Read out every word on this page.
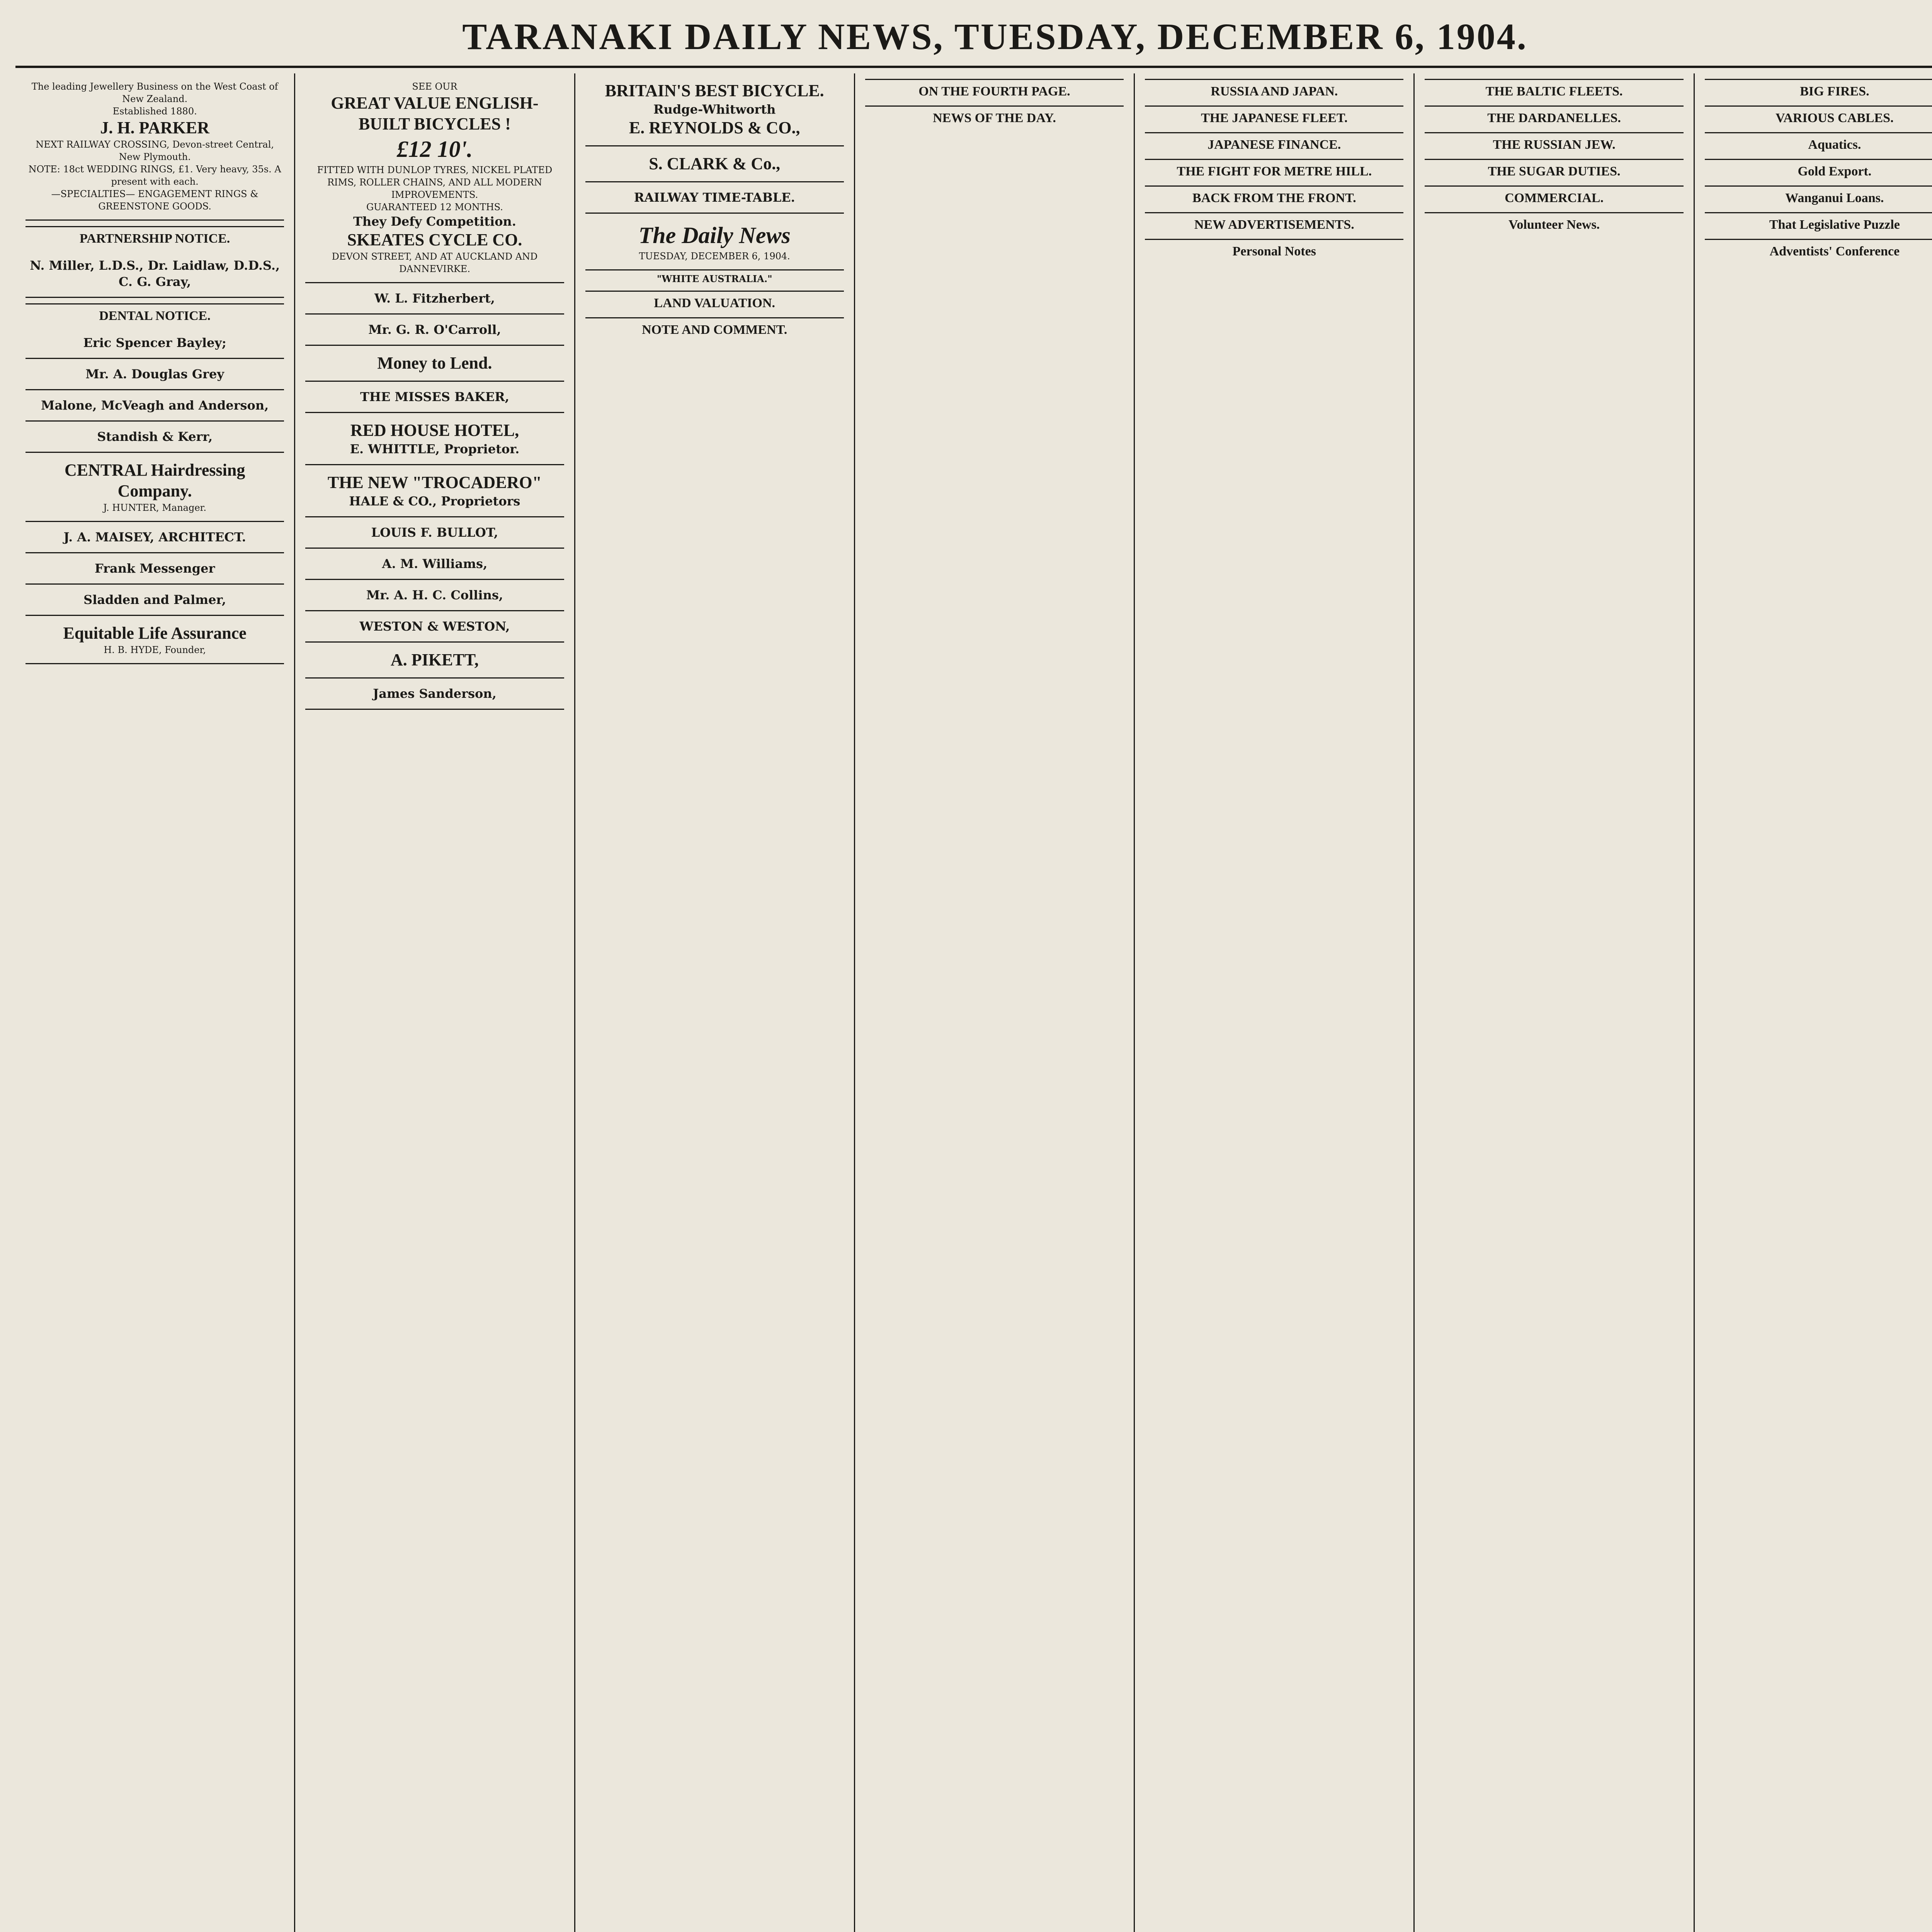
TARANAKI DAILY NEWS, TUESDAY, DECEMBER 6, 1904.
The leading Jewellery Business on the West Coast of New Zealand.
Established 1880.
J. H. PARKER
NEXT RAILWAY CROSSING, Devon-street Central, New Plymouth.
NOTE: 18ct WEDDING RINGS, £1. Very heavy, 35s. A present with each.
—SPECIALTIES— ENGAGEMENT RINGS & GREENSTONE GOODS.
PARTNERSHIP NOTICE.
N. Miller, L.D.S., Dr. Laidlaw, D.D.S., C. G. Gray,
DENTAL NOTICE.
Eric Spencer Bayley;
Mr. A. Douglas Grey
Malone, McVeagh and Anderson,
Standish & Kerr,
CENTRAL Hairdressing Company.
J. HUNTER, Manager.
J. A. MAISEY, ARCHITECT.
Frank Messenger
Sladden and Palmer,
Equitable Life Assurance
H. B. HYDE, Founder,
SEE OUR
GREAT VALUE ENGLISH-BUILT BICYCLES !
£12 10'.
FITTED WITH DUNLOP TYRES, NICKEL PLATED RIMS, ROLLER CHAINS, AND ALL MODERN IMPROVEMENTS.
GUARANTEED 12 MONTHS.
They Defy Competition.
SKEATES CYCLE CO.
DEVON STREET, AND AT AUCKLAND AND DANNEVIRKE.
W. L. Fitzherbert,
Mr. G. R. O'Carroll,
Money to Lend.
THE MISSES BAKER,
RED HOUSE HOTEL,
E. WHITTLE, Proprietor.
THE NEW "TROCADERO"
HALE & CO., Proprietors
LOUIS F. BULLOT,
A. M. Williams,
Mr. A. H. C. Collins,
WESTON & WESTON,
A. PIKETT,
James Sanderson,
BRITAIN'S BEST BICYCLE.
Rudge-Whitworth
E. REYNOLDS & CO.,
S. CLARK & Co.,
RAILWAY TIME-TABLE.
The Daily News
TUESDAY, DECEMBER 6, 1904.
"WHITE AUSTRALIA."
LAND VALUATION.
NOTE AND COMMENT.
ON THE FOURTH PAGE.
NEWS OF THE DAY.
RUSSIA AND JAPAN.
THE JAPANESE FLEET.
JAPANESE FINANCE.
THE FIGHT FOR METRE HILL.
BACK FROM THE FRONT.
NEW ADVERTISEMENTS.
Personal Notes
THE BALTIC FLEETS.
THE DARDANELLES.
THE RUSSIAN JEW.
THE SUGAR DUTIES.
COMMERCIAL.
Volunteer News.
BIG FIRES.
VARIOUS CABLES.
Aquatics.
Gold Export.
Wanganui Loans.
That Legislative Puzzle
Adventists' Conference
